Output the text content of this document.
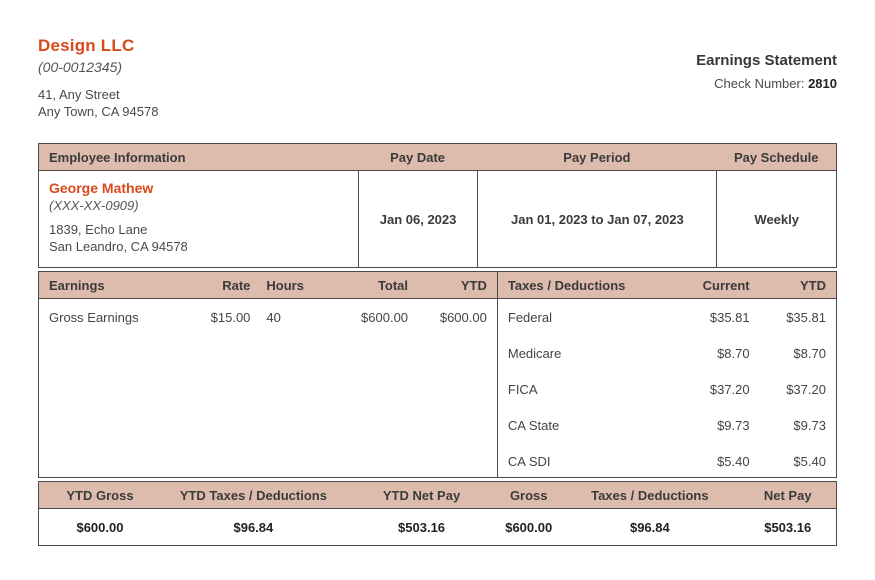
Design LLC
(00-0012345)
41, Any Street
Any Town, CA 94578
Earnings Statement
Check Number: 2810
Employee Information	Pay Date	Pay Period	Pay Schedule
George Mathew
(XXX-XX-0909)
1839, Echo Lane
San Leandro, CA 94578
Jan 06, 2023	Jan 01, 2023 to Jan 07, 2023	Weekly
Earnings	Rate	Hours	Total	YTD
Gross Earnings	$15.00	40	$600.00	$600.00
Taxes / Deductions	Current	YTD
Federal	$35.81	$35.81
Medicare	$8.70	$8.70
FICA	$37.20	$37.20
CA State	$9.73	$9.73
CA SDI	$5.40	$5.40
YTD Gross	YTD Taxes / Deductions	YTD Net Pay	Gross	Taxes / Deductions	Net Pay
$600.00	$96.84	$503.16	$600.00	$96.84	$503.16
